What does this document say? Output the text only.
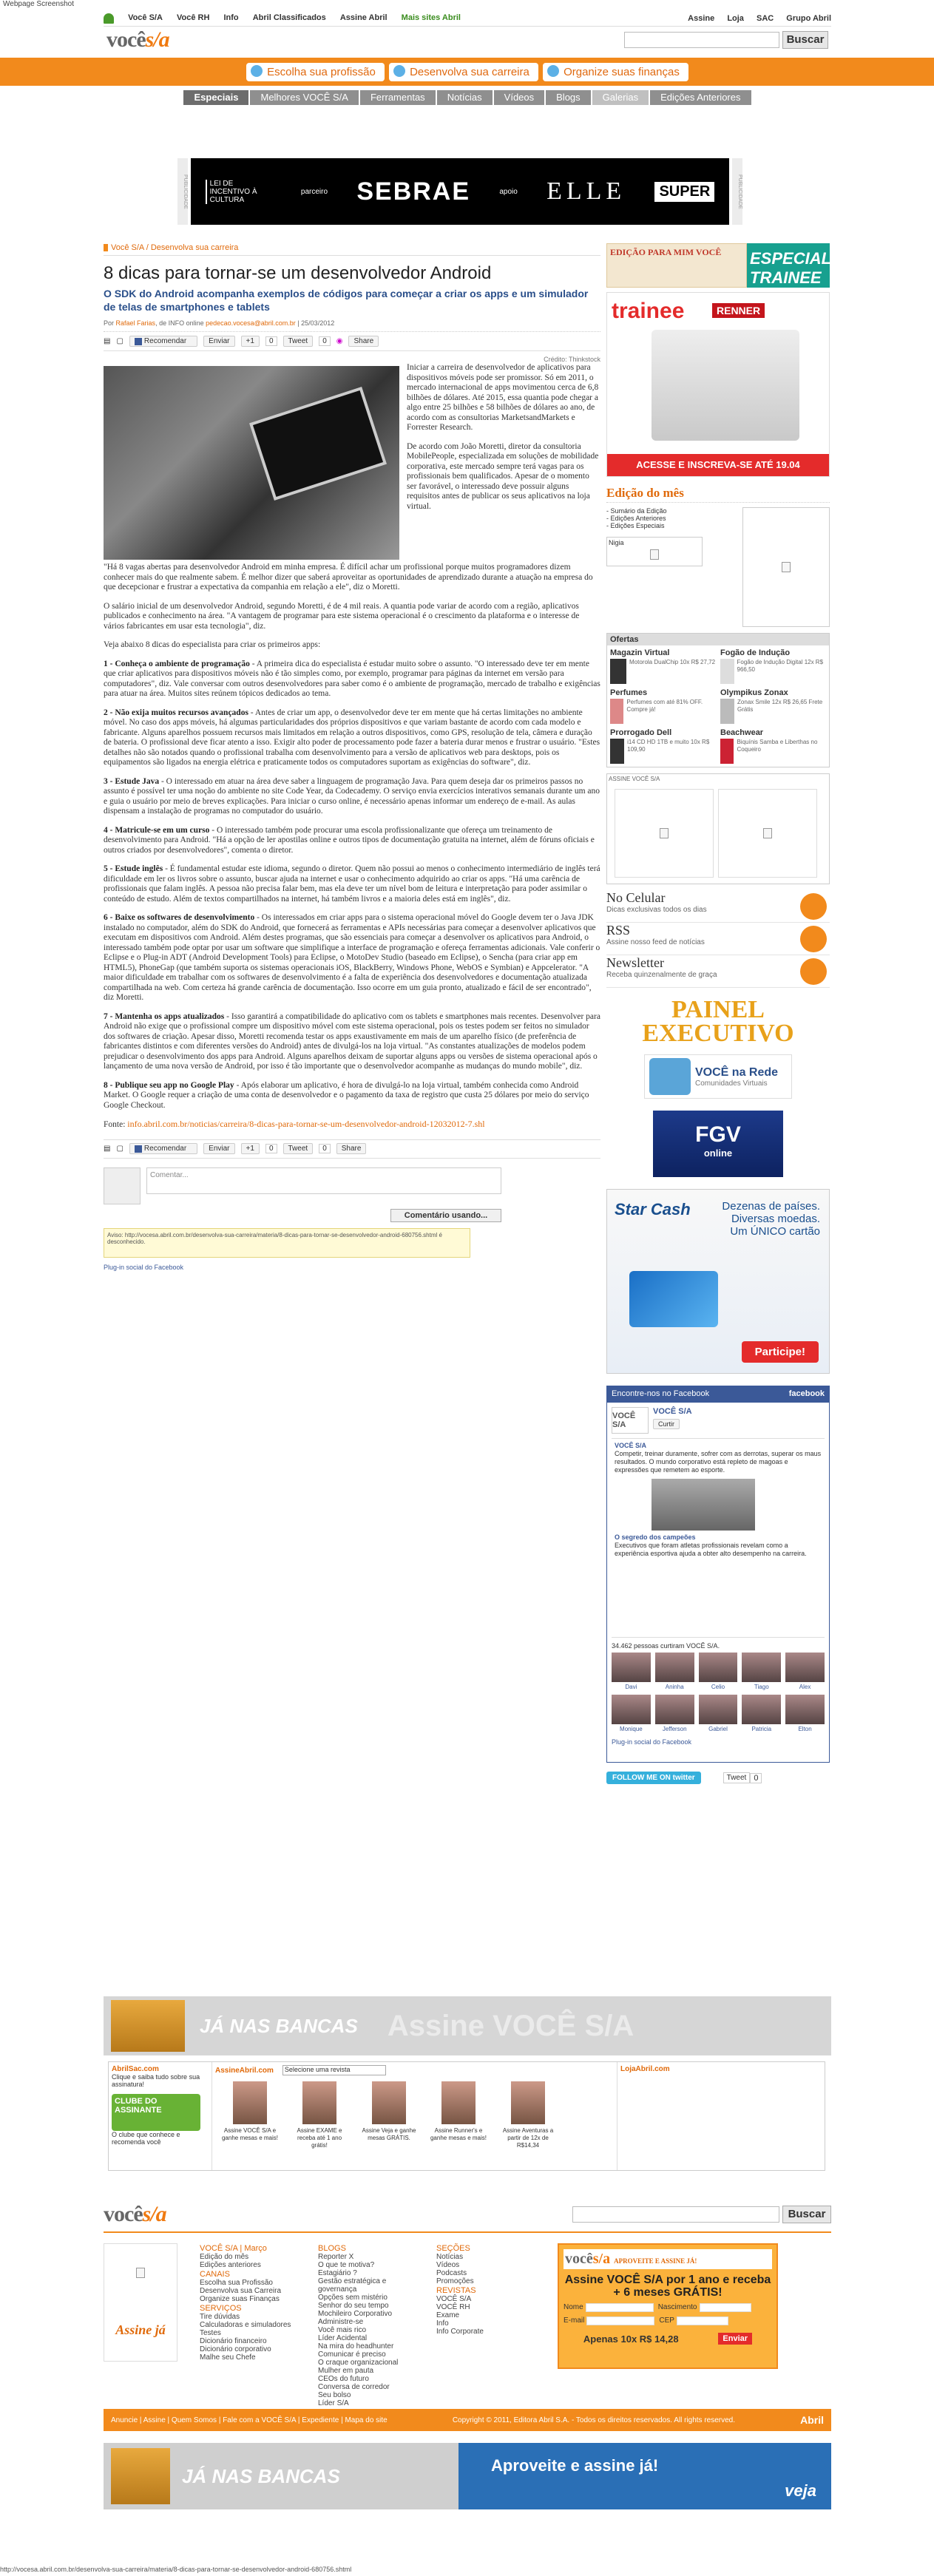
Webpage Screenshot
Você S/A Você RH Info Abril Classificados Assine Abril Mais sites Abril	Assine Loja SAC Grupo Abril
vocês/a	Buscar
Escolha sua profissão	Desenvolva sua carreira	Organize suas finanças
Especiais	Melhores VOCÊ S/A	Ferramentas	Notícias	Vídeos	Blogs	Galerias	Edições Anteriores
PUBLICIDADE	LEI DE INCENTIVO À CULTURA
parceiro SEBRAE	apoio ELLE	SUPER	PUBLICIDADE
Você S/A / Desenvolva sua carreira
8 dicas para tornar-se um desenvolvedor Android
O SDK do Android acompanha exemplos de códigos para começar a criar os apps e um simulador de telas de smartphones e tablets
Por Rafael Farias, de INFO online pedecao.vocesa@abril.com.br | 25/03/2012
▤ ▢	Recomendar	Enviar	+1	0	Tweet	0	◉	Share
Crédito: Thinkstock

Iniciar a carreira de desenvolvedor de aplicativos para dispositivos móveis pode ser promissor. Só em 2011, o mercado internacional de apps movimentou cerca de 6,8 bilhões de dólares. Até 2015, essa quantia pode chegar a algo entre 25 bilhões e 58 bilhões de dólares ao ano, de acordo com as consultorias MarketsandMarkets e Forrester Research.

De acordo com João Moretti, diretor da consultoria MobilePeople, especializada em soluções de mobilidade corporativa, este mercado sempre terá vagas para os profissionais bem qualificados. Apesar de o momento ser favorável, o interessado deve possuir alguns requisitos antes de publicar os seus aplicativos na loja virtual.

"Há 8 vagas abertas para desenvolvedor Android em minha empresa. É difícil achar um profissional porque muitos programadores dizem conhecer mais do que realmente sabem. É melhor dizer que saberá aproveitar as oportunidades de aprendizado durante a atuação na empresa do que decepcionar e frustrar a expectativa da companhia em relação a ele", diz o Moretti.

O salário inicial de um desenvolvedor Android, segundo Moretti, é de 4 mil reais. A quantia pode variar de acordo com a região, aplicativos publicados e conhecimento na área. "A vantagem de programar para este sistema operacional é o crescimento da plataforma e o interesse de vários fabricantes em usar esta tecnologia", diz.

Veja abaixo 8 dicas do especialista para criar os primeiros apps:

1 - Conheça o ambiente de programação - A primeira dica do especialista é estudar muito sobre o assunto. "O interessado deve ter em mente que criar aplicativos para dispositivos móveis não é tão simples como, por exemplo, programar para páginas da internet em versão para computadores", diz. Vale conversar com outros desenvolvedores para saber como é o ambiente de programação, mercado de trabalho e exigências para atuar na área. Muitos sites reúnem tópicos dedicados ao tema.

2 - Não exija muitos recursos avançados - Antes de criar um app, o desenvolvedor deve ter em mente que há certas limitações no ambiente móvel. No caso dos apps móveis, há algumas particularidades dos próprios dispositivos e que variam bastante de acordo com cada modelo e fabricante. Alguns aparelhos possuem recursos mais limitados em relação a outros dispositivos, como GPS, resolução de tela, câmera e duração de bateria. O profissional deve ficar atento a isso. Exigir alto poder de processamento pode fazer a bateria durar menos e frustrar o usuário. "Estes detalhes não são notados quando o profissional trabalha com desenvolvimento para a versão de aplicativos web para desktops, pois os equipamentos são ligados na energia elétrica e praticamente todos os computadores suportam as exigências do software", diz.

3 - Estude Java - O interessado em atuar na área deve saber a linguagem de programação Java. Para quem deseja dar os primeiros passos no assunto é possível ter uma noção do ambiente no site Code Year, da Codecademy. O serviço envia exercícios interativos semanais durante um ano e guia o usuário por meio de breves explicações. Para iniciar o curso online, é necessário apenas informar um endereço de e-mail. As aulas dispensam a instalação de programas no computador do usuário.

4 - Matricule-se em um curso - O interessado também pode procurar uma escola profissionalizante que ofereça um treinamento de desenvolvimento para Android. "Há a opção de ler apostilas online e outros tipos de documentação gratuita na internet, além de fóruns oficiais e outros criados por desenvolvedores", comenta o diretor.

5 - Estude inglês - É fundamental estudar este idioma, segundo o diretor. Quem não possui ao menos o conhecimento intermediário de inglês terá dificuldade em ler os livros sobre o assunto, buscar ajuda na internet e usar o conhecimento adquirido ao criar os apps. "Há uma carência de profissionais que falam inglês. A pessoa não precisa falar bem, mas ela deve ter um nível bom de leitura e interpretação para poder assimilar o conteúdo de estudo. Além de textos compartilhados na internet, há também livros e a maioria deles está em inglês", diz.

6 - Baixe os softwares de desenvolvimento - Os interessados em criar apps para o sistema operacional móvel do Google devem ter o Java JDK instalado no computador, além do SDK do Android, que fornecerá as ferramentas e APIs necessárias para começar a desenvolver aplicativos que executam em dispositivos com Android. Além destes programas, que são essenciais para começar a desenvolver os aplicativos para Android, o interessado também pode optar por usar um software que simplifique a interface de programação e ofereça ferramentas adicionais. Vale conferir o Eclipse e o Plug-in ADT (Android Development Tools) para Eclipse, o MotoDev Studio (baseado em Eclipse), o Sencha (para criar app em HTML5), PhoneGap (que também suporta os sistemas operacionais iOS, BlackBerry, Windows Phone, WebOS e Symbian) e Appcelerator. "A maior dificuldade em trabalhar com os softwares de desenvolvimento é a falta de experiência dos desenvolvedores e documentação atualizada compartilhada na web. Com certeza há grande carência de documentação. Isso ocorre em um guia pronto, atualizado e fácil de ser encontrado", diz Moretti.

7 - Mantenha os apps atualizados - Isso garantirá a compatibilidade do aplicativo com os tablets e smartphones mais recentes. Desenvolver para Android não exige que o profissional compre um dispositivo móvel com este sistema operacional, pois os testes podem ser feitos no simulador dos softwares de criação. Apesar disso, Moretti recomenda testar os apps exaustivamente em mais de um aparelho físico (de preferência de fabricantes distintos e com diferentes versões do Android) antes de divulgá-los na loja virtual. "As constantes atualizações de modelos podem prejudicar o desenvolvimento dos apps para Android. Alguns aparelhos deixam de suportar alguns apps ou versões de sistema operacional após o lançamento de uma nova versão de Android, por isso é tão importante que o desenvolvedor acompanhe as mudanças do mundo mobile", diz.

8 - Publique seu app no Google Play - Após elaborar um aplicativo, é hora de divulgá-lo na loja virtual, também conhecida como Android Market. O Google requer a criação de uma conta de desenvolvedor e o pagamento da taxa de registro que custa 25 dólares por meio do serviço Google Checkout.

Fonte: info.abril.com.br/noticias/carreira/8-dicas-para-tornar-se-um-desenvolvedor-android-12032012-7.shl

▤ ▢	Recomendar	Enviar	+1	0	Tweet	0	Share
Comentar...
Comentário usando...
Aviso: http://vocesa.abril.com.br/desenvolva-sua-carreira/materia/8-dicas-para-tornar-se-desenvolvedor-android-680756.shtml é desconhecido.
Plug-in social do Facebook
EDIÇÃO PARA MIM VOCÊ	ESPECIAL TRAINEE
trainee	RENNER
ACESSE E INSCREVA-SE ATÉ 19.04
Edição do mês
- Sumário da Edição
- Edições Anteriores
- Edições Especiais
Nigia
Ofertas
Magazin Virtual
Motorola DualChip 10x R$ 27,72
Fogão de Indução
Fogão de Indução Digital 12x R$ 966,50
Perfumes
Perfumes com até 81% OFF. Compre já!
Olympikus Zonax
Zonax Smile 12x R$ 26,65 Frete Grátis
Prorrogado Dell
i14 CD HD 1TB e muito 10x R$ 109,90
Beachwear
Biquínis Samba e Liberthas no Coqueiro
ASSINE VOCÊ S/A
No Celular
Dicas exclusivas todos os dias
RSS
Assine nosso feed de notícias
Newsletter
Receba quinzenalmente de graça
PAINEL EXECUTIVO
VOCÊ na Rede
Comunidades Virtuais
FGV
online
Star Cash	Dezenas de países. Diversas moedas. Um ÚNICO cartão
Participe!
Encontre-nos no Facebook	facebook
VOCÊ S/A
VOCÊ S/A
Curtir
VOCÊ S/A
Competir, treinar duramente, sofrer com as derrotas, superar os maus resultados. O mundo corporativo está repleto de magoas e expressões que remetem ao esporte.
O segredo dos campeões
Executivos que foram atletas profissionais revelam como a experiência esportiva ajuda a obter alto desempenho na carreira.
34.462 pessoas curtiram VOCÊ S/A.
Davi	Aninha	Celio	Tiago	Alex
Monique	Jefferson	Gabriel	Patricia	Elton
Plug-in social do Facebook
FOLLOW ME ON twitter	Tweet 0
JÁ NAS BANCAS Assine VOCÊ S/A
AbrilSac.com
Clique e saiba tudo sobre sua assinatura!
CLUBE DO ASSINANTE
O clube que conhece e recomenda você
AssineAbril.com	Selecione uma revista
Assine VOCÊ S/A e ganhe mesas e mais!
Assine EXAME e receba até 1 ano grátis!
Assine Veja e ganhe mesas GRÁTIS.
Assine Runner's e ganhe mesas e mais!
Assine Aventuras a partir de 12x de R$14,34
LojaAbril.com
vocês/a	Buscar
Assine já
VOCÊ S/A | Março
Edição do mês
Edições anteriores
CANAIS
Escolha sua Profissão
Desenvolva sua Carreira
Organize suas Finanças
SERVIÇOS
Tire dúvidas
Calculadoras e simuladores
Testes
Dicionário financeiro
Dicionário corporativo
Malhe seu Chefe
BLOGS
Reporter X
O que te motiva?
Estagiário ?
Gestão estratégica e governança
Opções sem mistério
Senhor do seu tempo
Mochileiro Corporativo
Administre-se
Você mais rico
Líder Acidental
Na mira do headhunter
Comunicar é preciso
O craque organizacional
Mulher em pauta
CEOs do futuro
Conversa de corredor
Seu bolso
Líder S/A
SEÇÕES
Notícias
Vídeos
Podcasts
Promoções
REVISTAS
VOCÊ S/A
VOCÊ RH
Exame
Info
Info Corporate
vocês/a APROVEITE E ASSINE JÁ!
Assine VOCÊ S/A por 1 ano e receba + 6 meses GRÁTIS!
Nome	Nascimento
E-mail	CEP
Apenas 10x R$ 14,28	Enviar
Anuncie | Assine | Quem Somos | Fale com a VOCÊ S/A | Expediente | Mapa do site	Copyright © 2011, Editora Abril S.A. - Todos os direitos reservados. All rights reserved.	Abril
JÁ NAS BANCAS	Aproveite e assine já!
veja
http://vocesa.abril.com.br/desenvolva-sua-carreira/materia/8-dicas-para-tornar-se-desenvolvedor-android-680756.shtml
